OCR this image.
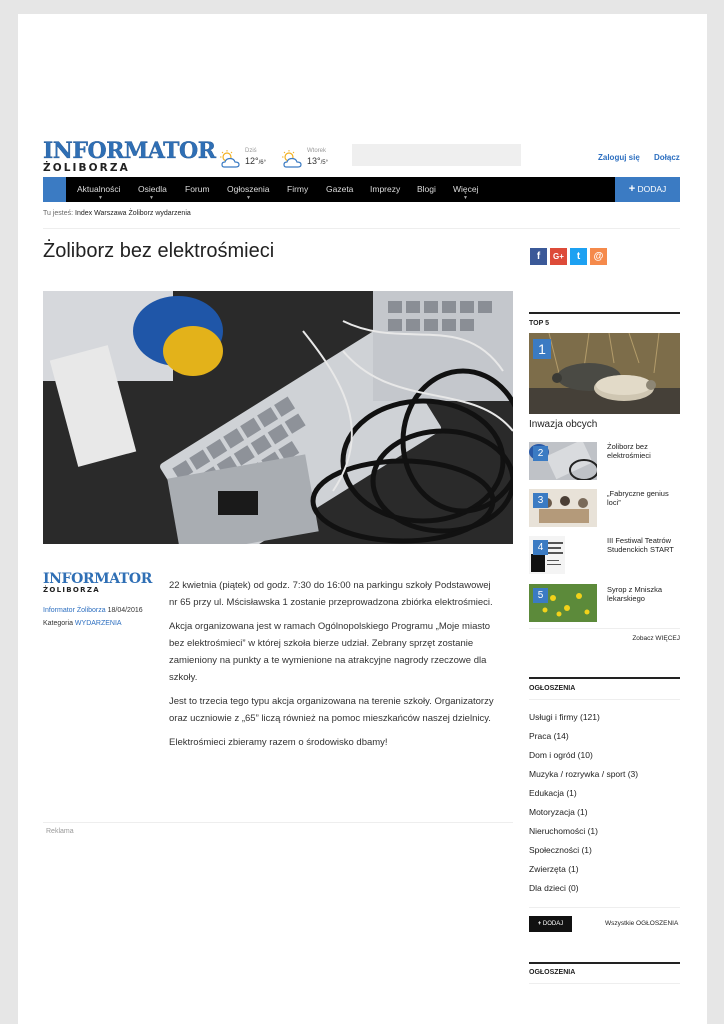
INFORMATOR
ŻOLIBORZA
Dziś
12°/6°
Wtorek
13°/5°
Zaloguj się Dołącz
Aktualności
▼
Osiedla
▼
Forum Ogłoszenia
▼
Firmy Gazeta Imprezy Blogi Więcej
▼
+ DODAJ
Tu jesteś: Index Warszawa Żoliborz wydarzenia
Żoliborz bez elektrośmieci	f	G+	t	@
INFORMATOR
ŻOLIBORZA
Informator Żoliborza 18/04/2016
Kategoria WYDARZENIA

22 kwietnia (piątek) od godz. 7:30 do 16:00 na parkingu szkoły Podstawowej nr 65 przy ul. Mścisławska 1 zostanie przeprowadzona zbiórka elektrośmieci.

Akcja organizowana jest w ramach Ogólnopolskiego Programu „Moje miasto bez elektrośmieci” w której szkoła bierze udział. Zebrany sprzęt zostanie zamieniony na punkty a te wymienione na atrakcyjne nagrody rzeczowe dla szkoły.

Jest to trzecia tego typu akcja organizowana na terenie szkoły. Organizatorzy oraz uczniowie z „65” liczą również na pomoc mieszkańców naszej dzielnicy.

Elektrośmieci zbieramy razem o środowisko dbamy!

Reklama
TOP 5
1
Inwazja obcych
2
Żoliborz bez elektrośmieci
3
„Fabryczne genius loci”
4
III Festiwal Teatrów Studenckich START
5
Syrop z Mniszka lekarskiego
Zobacz WIĘCEJ
OGŁOSZENIA
Usługi i firmy (121)
Praca (14)
Dom i ogród (10)
Muzyka / rozrywka / sport (3)
Edukacja (1)
Motoryzacja (1)
Nieruchomości (1)
Społeczności (1)
Zwierzęta (1)
Dla dzieci (0)
+ DODAJ	Wszystkie OGŁOSZENIA
OGŁOSZENIA
